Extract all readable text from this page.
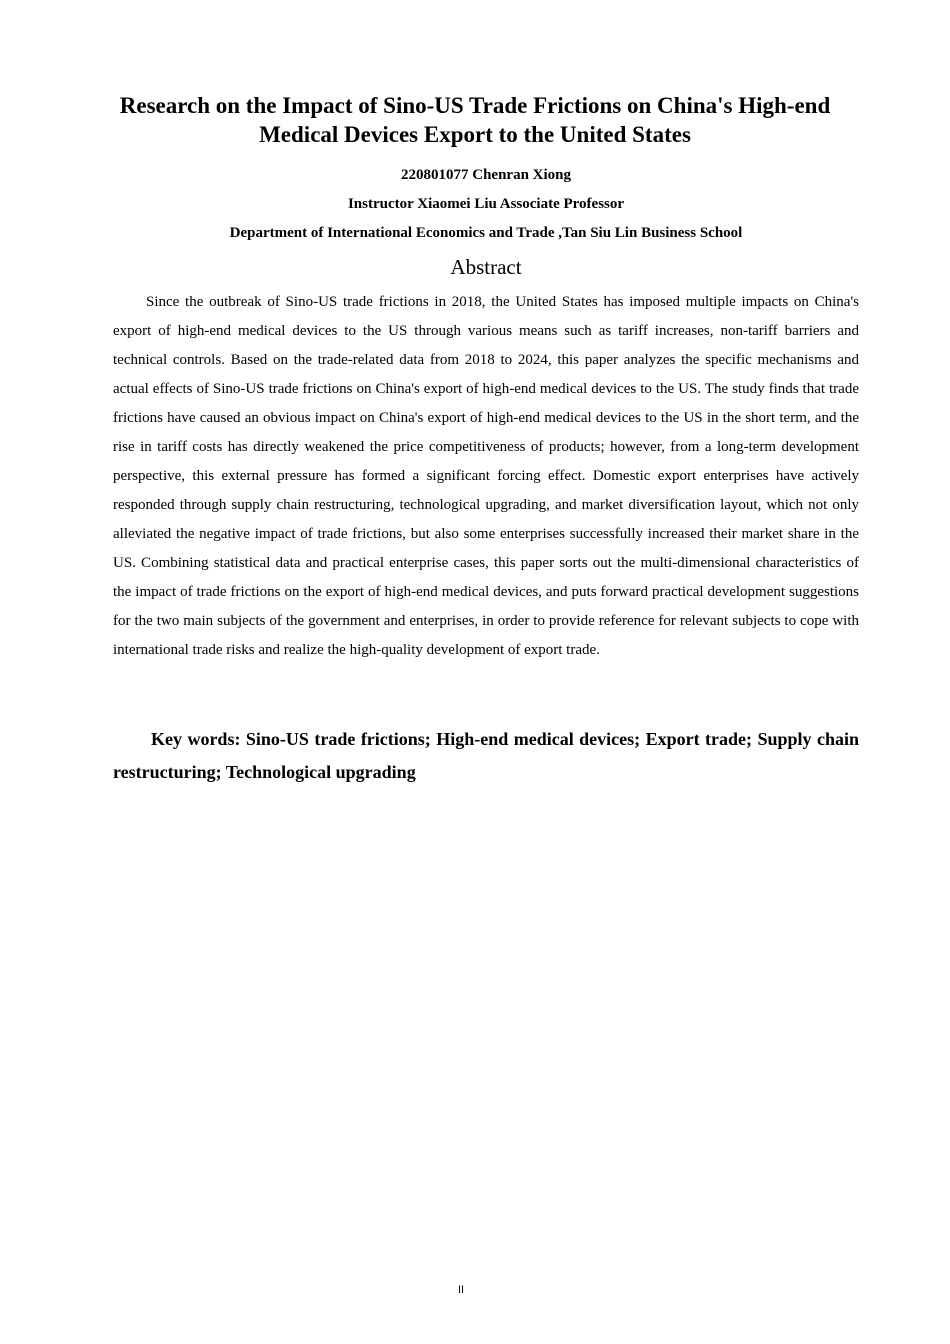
Research on the Impact of Sino-US Trade Frictions on China's High-end Medical Devices Export to the United States
220801077 Chenran Xiong
Instructor Xiaomei Liu Associate Professor
Department of International Economics and Trade ,Tan Siu Lin Business School
Abstract

Since the outbreak of Sino-US trade frictions in 2018, the United States has imposed multiple impacts on China's export of high-end medical devices to the US through various means such as tariff increases, non-tariff barriers and technical controls. Based on the trade-related data from 2018 to 2024, this paper analyzes the specific mechanisms and actual effects of Sino-US trade frictions on China's export of high-end medical devices to the US. The study finds that trade frictions have caused an obvious impact on China's export of high-end medical devices to the US in the short term, and the rise in tariff costs has directly weakened the price competitiveness of products; however, from a long-term development perspective, this external pressure has formed a significant forcing effect. Domestic export enterprises have actively responded through supply chain restructuring, technological upgrading, and market diversification layout, which not only alleviated the negative impact of trade frictions, but also some enterprises successfully increased their market share in the US. Combining statistical data and practical enterprise cases, this paper sorts out the multi-dimensional characteristics of the impact of trade frictions on the export of high-end medical devices, and puts forward practical development suggestions for the two main subjects of the government and enterprises, in order to provide reference for relevant subjects to cope with international trade risks and realize the high-quality development of export trade.

Key words: Sino-US trade frictions; High-end medical devices; Export trade; Supply chain restructuring; Technological upgrading

II
